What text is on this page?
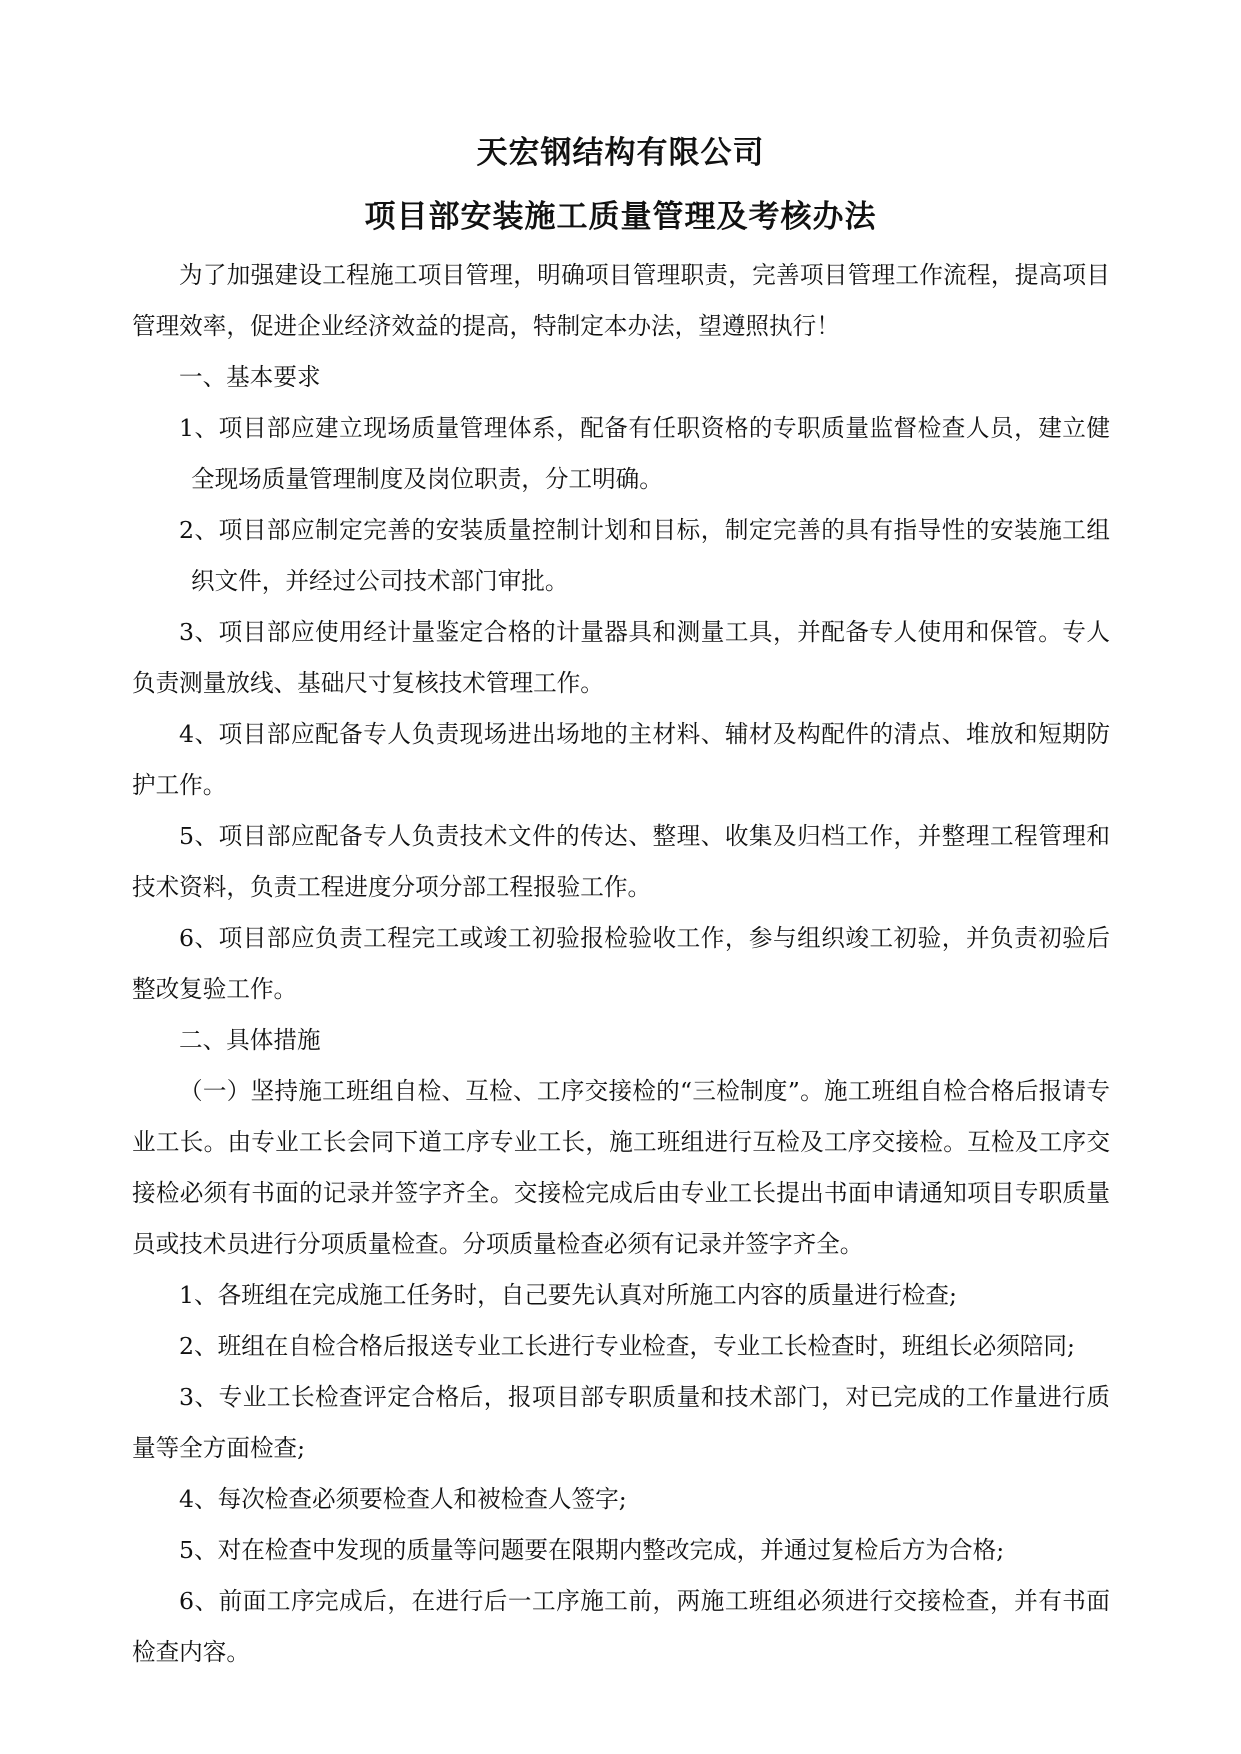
天宏钢结构有限公司
项目部安装施工质量管理及考核办法

为了加强建设工程施工项目管理，明确项目管理职责，完善项目管理工作流程，提高项目管理效率，促进企业经济效益的提高，特制定本办法，望遵照执行！

一、基本要求

1、项目部应建立现场质量管理体系，配备有任职资格的专职质量监督检查人员，建立健全现场质量管理制度及岗位职责，分工明确。

2、项目部应制定完善的安装质量控制计划和目标，制定完善的具有指导性的安装施工组织文件，并经过公司技术部门审批。

3、项目部应使用经计量鉴定合格的计量器具和测量工具，并配备专人使用和保管。专人负责测量放线、基础尺寸复核技术管理工作。

4、项目部应配备专人负责现场进出场地的主材料、辅材及构配件的清点、堆放和短期防护工作。

5、项目部应配备专人负责技术文件的传达、整理、收集及归档工作，并整理工程管理和技术资料，负责工程进度分项分部工程报验工作。

6、项目部应负责工程完工或竣工初验报检验收工作，参与组织竣工初验，并负责初验后整改复验工作。

二、具体措施

（一）坚持施工班组自检、互检、工序交接检的“三检制度”。施工班组自检合格后报请专业工长。由专业工长会同下道工序专业工长，施工班组进行互检及工序交接检。互检及工序交接检必须有书面的记录并签字齐全。交接检完成后由专业工长提出书面申请通知项目专职质量员或技术员进行分项质量检查。分项质量检查必须有记录并签字齐全。

1、各班组在完成施工任务时，自己要先认真对所施工内容的质量进行检查;

2、班组在自检合格后报送专业工长进行专业检查，专业工长检查时，班组长必须陪同;

3、专业工长检查评定合格后，报项目部专职质量和技术部门，对已完成的工作量进行质量等全方面检查;

4、每次检查必须要检查人和被检查人签字;

5、对在检查中发现的质量等问题要在限期内整改完成，并通过复检后方为合格;

6、前面工序完成后，在进行后一工序施工前，两施工班组必须进行交接检查，并有书面检查内容。
